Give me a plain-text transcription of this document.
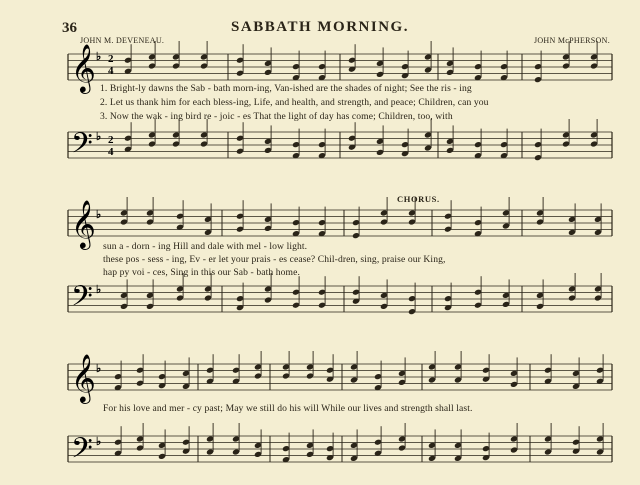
36	SABBATH MORNING.
JOHN M. DEVENEAU.	JOHN McPHERSON.
𝄞
𝄢
♭
♭
2
4
2
4
𝄞
𝄢
♭
♭
𝄞
𝄢
♭
♭
CHORUS.
1. Bright-ly dawns the Sab - bath morn-ing, Van-ished are the shades of night; See the ris - ing
2. Let us thank him for each bless-ing, Life, and health, and strength, and peace; Children, can you
3. Now the wak - ing bird re - joic - es That the light of day has come; Children, too, with
sun a - dorn - ing Hill and dale with mel - low light.
these pos - sess - ing, Ev - er let your prais - es cease? Chil-dren, sing, praise our King,
hap py voi - ces, Sing in this our Sab - bath home.
For his love and mer - cy past; May we still do his will While our lives and strength shall last.
